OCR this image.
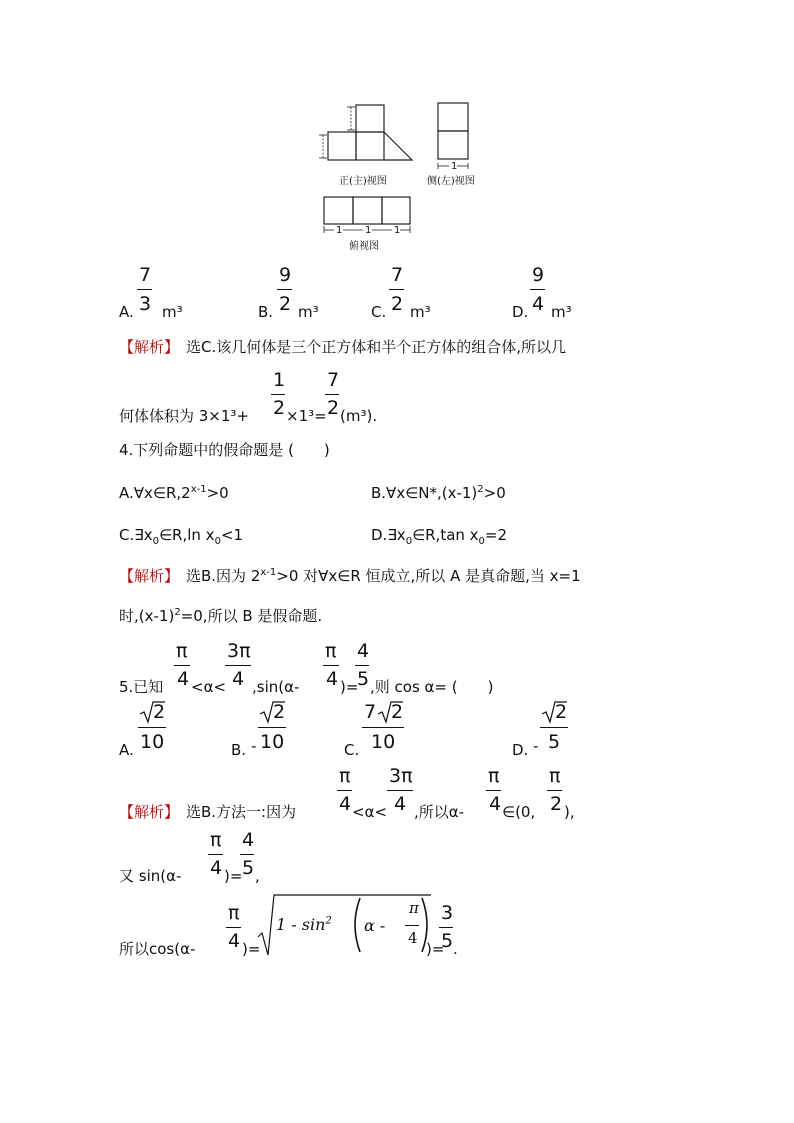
1
1 1 1
正(主)视图	侧(左)视图
俯视图
A.
7
3 m³	B.
9
2 m³	C.
7
2 m³	D.
9
4 m³
【解析】 选C.该几何体是三个正方体和半个正方体的组合体,所以几
何体体积为 3×1³+
1
2 ×1³=
7
2 (m³).
4.下列命题中的假命题是 (　　)
$A.\forall x\in R,2^{x-1}>0$	$B.\forall x\in N*,(x-1)^2>0$
$C.\exists x_0\in R,\ln$ $x_0<1$	$D.\exists x_0\in R,\tan$ $x_0=2$
【解析】 选B.因为 $2^{x-1}>0$ 对∀x∈R 恒成立,所以 A 是真命题,当 x=1
时$,(x-1)^2=0$,所以 B 是假命题.
5.已知
π
4 <α<
3π
4 ,sin(α-
π
4 )=
4
5 ,则 cos α= (　　)
A.
2
10	B. -
2
10	C.
7 2
10	D. -
2
5
【解析】 选B.方法一:因为
π
4 <α<
3π
4 ,所以α-
π
4 ∈(0,
π
2 ),
又 sin(α-
π
4 )=
4
5 ,
所以cos(α-
π
4 )=
$1 - \sin^2 \alpha$ -
π
4
)=
3
5 .
